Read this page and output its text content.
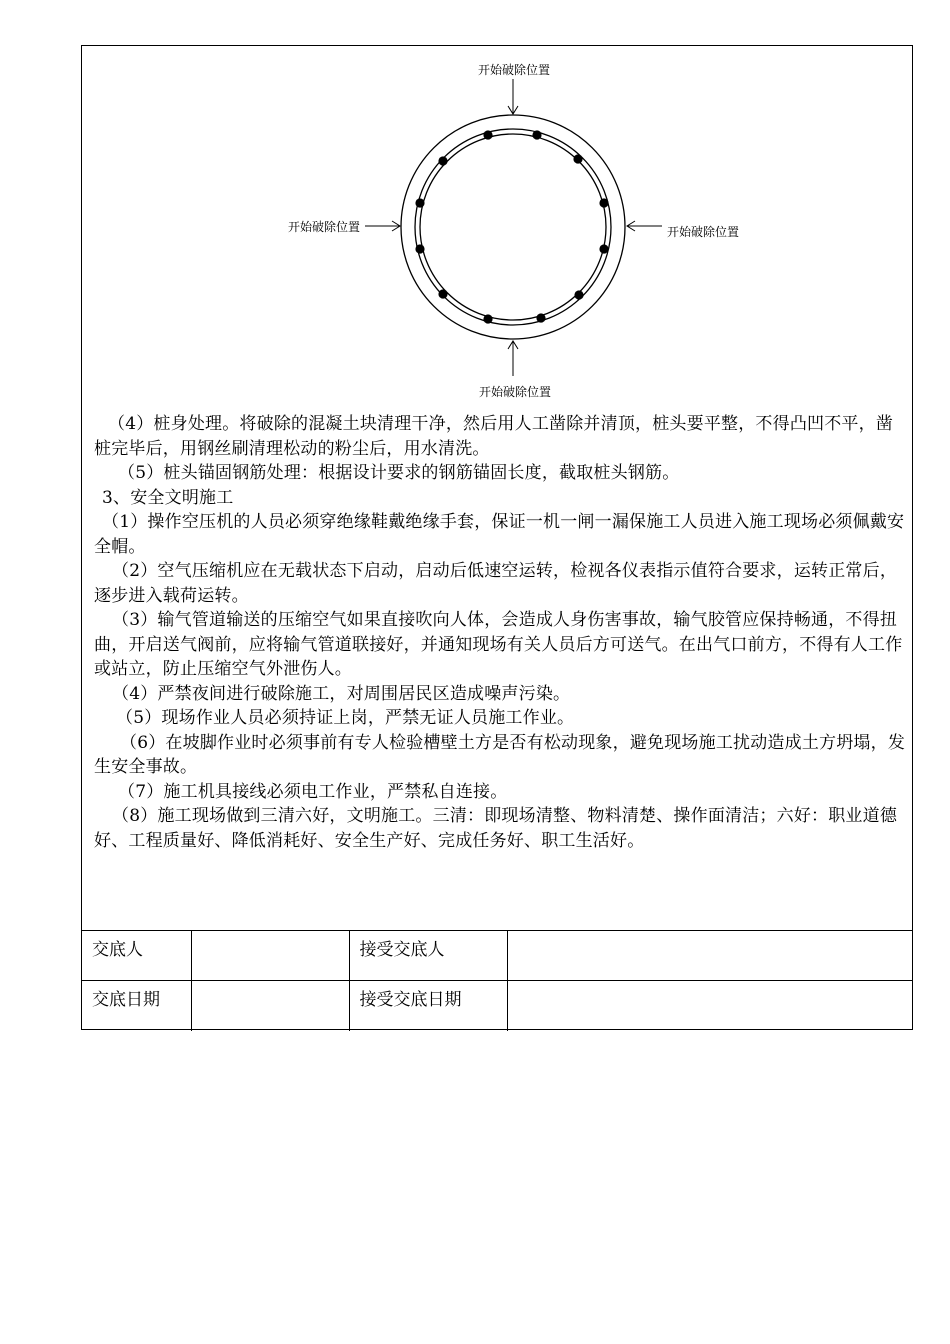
开始破除位置
开始破除位置	开始破除位置
开始破除位置

（4）桩身处理。将破除的混凝土块清理干净，然后用人工凿除并清顶，桩头要平整，不得凸凹不平，凿桩完毕后，用钢丝刷清理松动的粉尘后，用水清洗。

（5）桩头锚固钢筋处理：根据设计要求的钢筋锚固长度，截取桩头钢筋。

3、安全文明施工

（1）操作空压机的人员必须穿绝缘鞋戴绝缘手套，保证一机一闸一漏保施工人员进入施工现场必须佩戴安全帽。

（2）空气压缩机应在无载状态下启动，启动后低速空运转，检视各仪表指示值符合要求，运转正常后，逐步进入载荷运转。

（3）输气管道输送的压缩空气如果直接吹向人体，会造成人身伤害事故，输气胶管应保持畅通，不得扭曲，开启送气阀前，应将输气管道联接好，并通知现场有关人员后方可送气。在出气口前方，不得有人工作或站立，防止压缩空气外泄伤人。

（4）严禁夜间进行破除施工，对周围居民区造成噪声污染。

（5）现场作业人员必须持证上岗，严禁无证人员施工作业。

（6）在坡脚作业时必须事前有专人检验槽壁土方是否有松动现象，避免现场施工扰动造成土方坍塌，发生安全事故。

（7）施工机具接线必须电工作业，严禁私自连接。

（8）施工现场做到三清六好，文明施工。三清：即现场清整、物料清楚、操作面清洁；六好：职业道德好、工程质量好、降低消耗好、安全生产好、完成任务好、职工生活好。

交底人		接受交底人	
交底日期		接受交底日期	
